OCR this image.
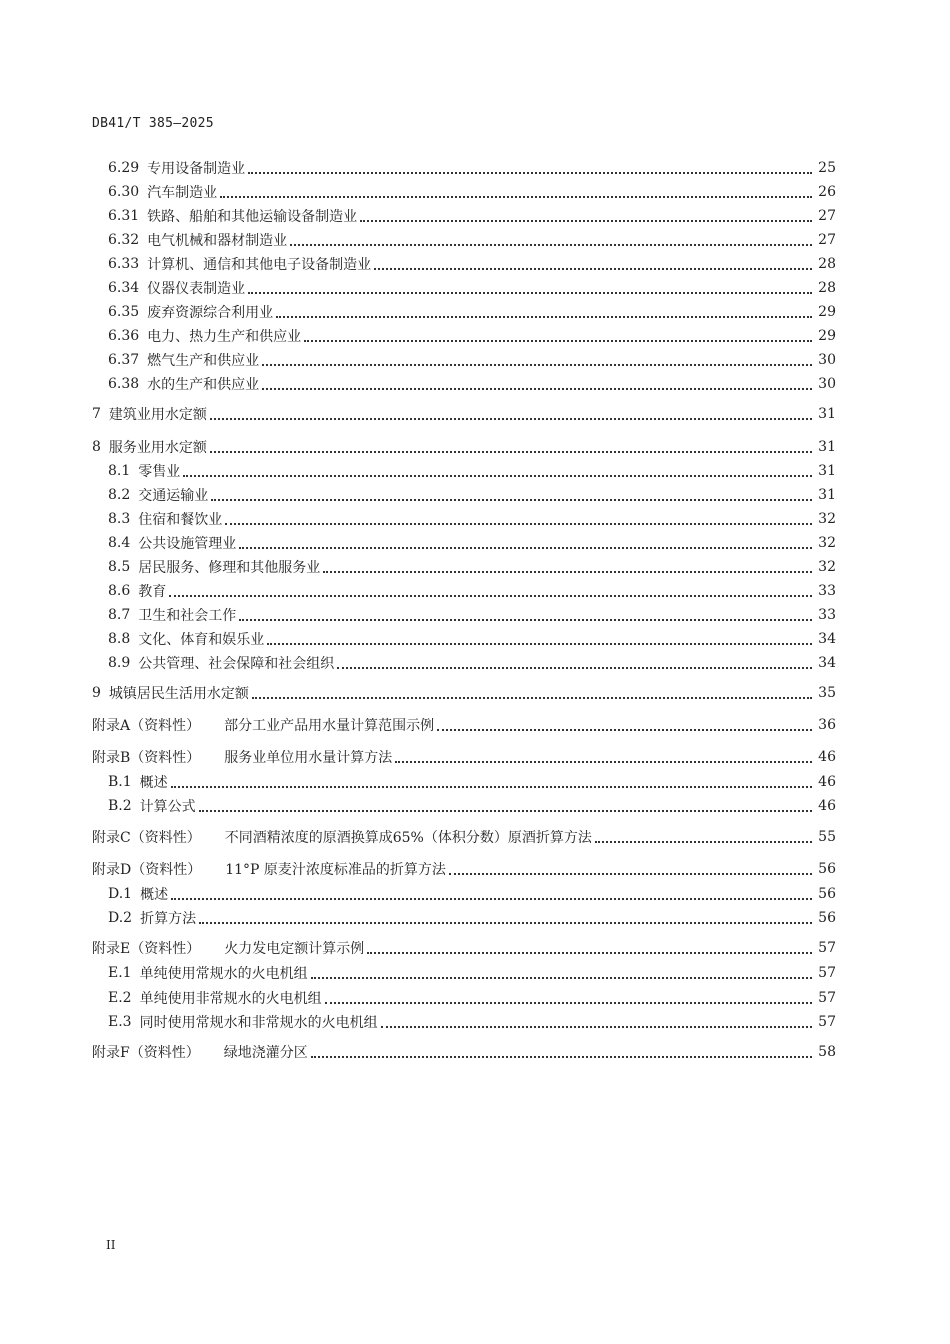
DB41/T 385—2025
6.29 专用设备制造业	25
6.30 汽车制造业	26
6.31 铁路、船舶和其他运输设备制造业	27
6.32 电气机械和器材制造业	27
6.33 计算机、通信和其他电子设备制造业	28
6.34 仪器仪表制造业	28
6.35 废弃资源综合利用业	29
6.36 电力、热力生产和供应业	29
6.37 燃气生产和供应业	30
6.38 水的生产和供应业	30
7 建筑业用水定额	31
8 服务业用水定额	31
8.1 零售业	31
8.2 交通运输业	31
8.3 住宿和餐饮业	32
8.4 公共设施管理业	32
8.5 居民服务、修理和其他服务业	32
8.6 教育	33
8.7 卫生和社会工作	33
8.8 文化、体育和娱乐业	34
8.9 公共管理、社会保障和社会组织	34
9 城镇居民生活用水定额	35
附录A（资料性）	部分工业产品用水量计算范围示例	36
附录B（资料性）	服务业单位用水量计算方法	46
B.1 概述	46
B.2 计算公式	46
附录C（资料性）	不同酒精浓度的原酒换算成65%（体积分数）原酒折算方法	55
附录D（资料性）	11°P 原麦汁浓度标准品的折算方法	56
D.1 概述	56
D.2 折算方法	56
附录E（资料性）	火力发电定额计算示例	57
E.1 单纯使用常规水的火电机组	57
E.2 单纯使用非常规水的火电机组	57
E.3 同时使用常规水和非常规水的火电机组	57
附录F（资料性）	绿地浇灌分区	58
II
